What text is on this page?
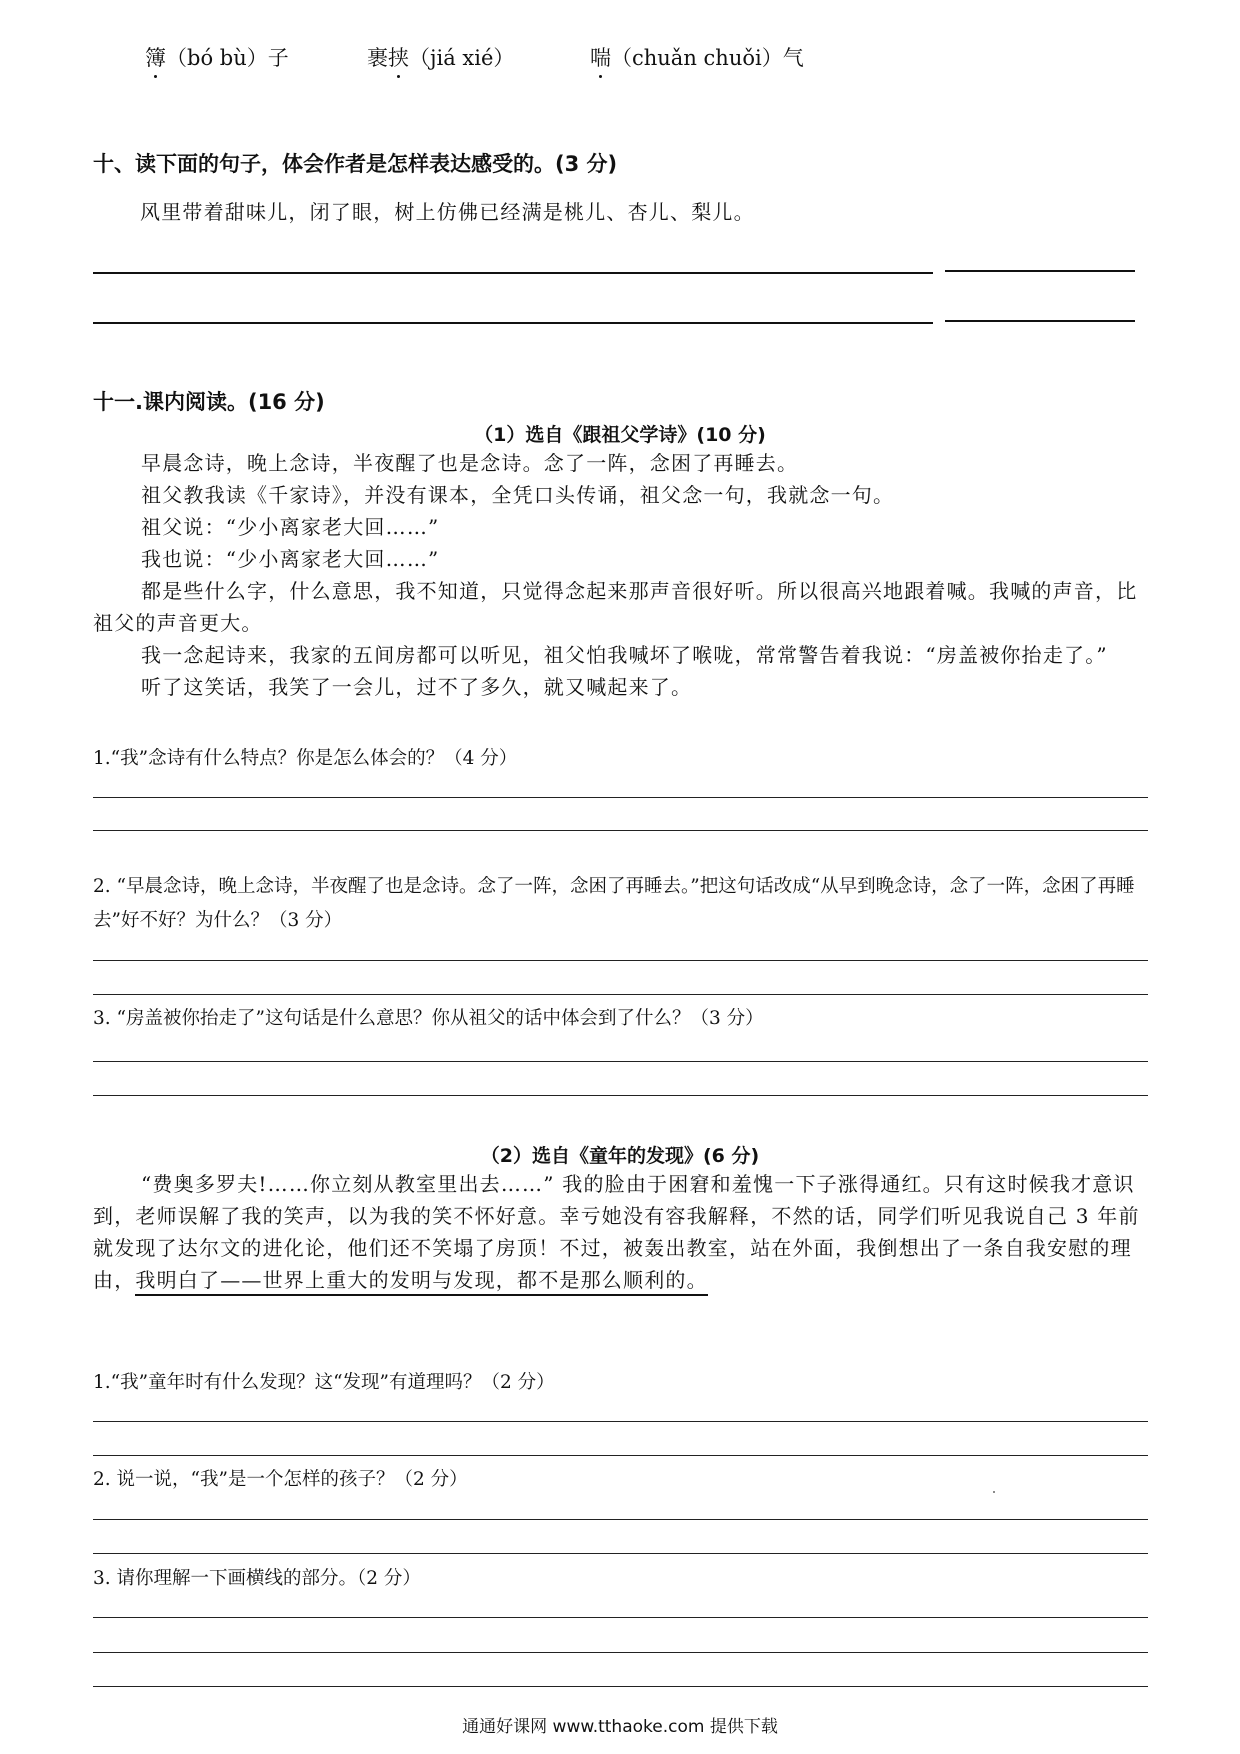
簿（bó bù）子	裹挟（jiá xié）	喘（chuǎn chuǒi）气
十、读下面的句子，体会作者是怎样表达感受的。(3 分)
风里带着甜味儿，闭了眼，树上仿佛已经满是桃儿、杏儿、梨儿。
十一.课内阅读。(16 分)
（1）选自《跟祖父学诗》(10 分)
早晨念诗，晚上念诗，半夜醒了也是念诗。念了一阵，念困了再睡去。
祖父教我读《千家诗》，并没有课本，全凭口头传诵，祖父念一句，我就念一句。
祖父说：“少小离家老大回……”
我也说：“少小离家老大回……”
都是些什么字，什么意思，我不知道，只觉得念起来那声音很好听。所以很高兴地跟着喊。我喊的声音，比祖父的声音更大。
我一念起诗来，我家的五间房都可以听见，祖父怕我喊坏了喉咙，常常警告着我说：“房盖被你抬走了。”
听了这笑话，我笑了一会儿，过不了多久，就又喊起来了。
1.“我”念诗有什么特点？你是怎么体会的？（4 分）
2. “早晨念诗，晚上念诗，半夜醒了也是念诗。念了一阵，念困了再睡去。”把这句话改成“从早到晚念诗，念了一阵，念困了再睡去”好不好？为什么？（3 分）
3. “房盖被你抬走了”这句话是什么意思？你从祖父的话中体会到了什么？（3 分）
（2）选自《童年的发现》(6 分)
“费奥多罗夫!……你立刻从教室里出去……” 我的脸由于困窘和羞愧一下子涨得通红。只有这时候我才意识到，老师误解了我的笑声，以为我的笑不怀好意。幸亏她没有容我解释，不然的话，同学们听见我说自己 3 年前就发现了达尔文的进化论，他们还不笑塌了房顶！不过，被轰出教室，站在外面，我倒想出了一条自我安慰的理由，我明白了——世界上重大的发明与发现，都不是那么顺利的。
1.“我”童年时有什么发现？这“发现”有道理吗？（2 分）
2. 说一说，“我”是一个怎样的孩子？（2 分）
3. 请你理解一下画横线的部分。（2 分）
通通好课网 www.tthaoke.com 提供下载
